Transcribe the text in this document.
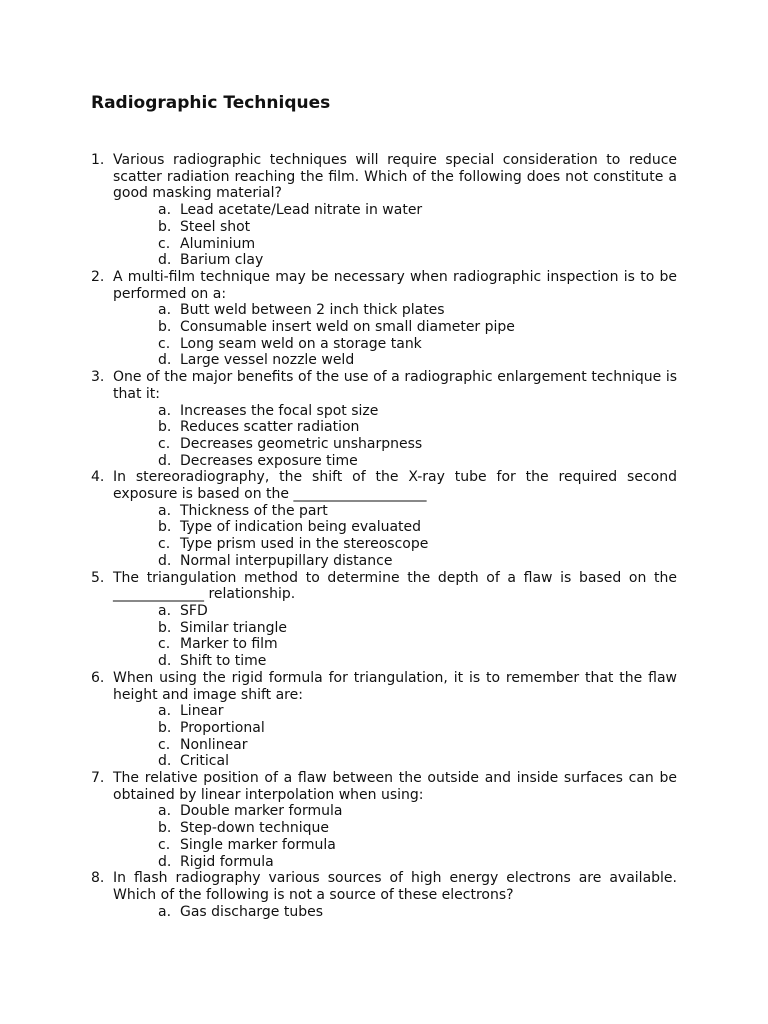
Radiographic Techniques
1. Various radiographic techniques will require special consideration to reduce scatter radiation reaching the film. Which of the following does not constitute a good masking material?
a. Lead acetate/Lead nitrate in water
b. Steel shot
c. Aluminium
d. Barium clay
2. A multi-film technique may be necessary when radiographic inspection is to be performed on a:
a. Butt weld between 2 inch thick plates
b. Consumable insert weld on small diameter pipe
c. Long seam weld on a storage tank
d. Large vessel nozzle weld
3. One of the major benefits of the use of a radiographic enlargement technique is that it:
a. Increases the focal spot size
b. Reduces scatter radiation
c. Decreases geometric unsharpness
d. Decreases exposure time
4. In stereoradiography, the shift of the X-ray tube for the required second exposure is based on the ___________________
a. Thickness of the part
b. Type of indication being evaluated
c. Type prism used in the stereoscope
d. Normal interpupillary distance
5. The triangulation method to determine the depth of a flaw is based on the _____________ relationship.
a. SFD
b. Similar triangle
c. Marker to film
d. Shift to time
6. When using the rigid formula for triangulation, it is to remember that the flaw height and image shift are:
a. Linear
b. Proportional
c. Nonlinear
d. Critical
7. The relative position of a flaw between the outside and inside surfaces can be obtained by linear interpolation when using:
a. Double marker formula
b. Step-down technique
c. Single marker formula
d. Rigid formula
8. In flash radiography various sources of high energy electrons are available. Which of the following is not a source of these electrons?
a. Gas discharge tubes
